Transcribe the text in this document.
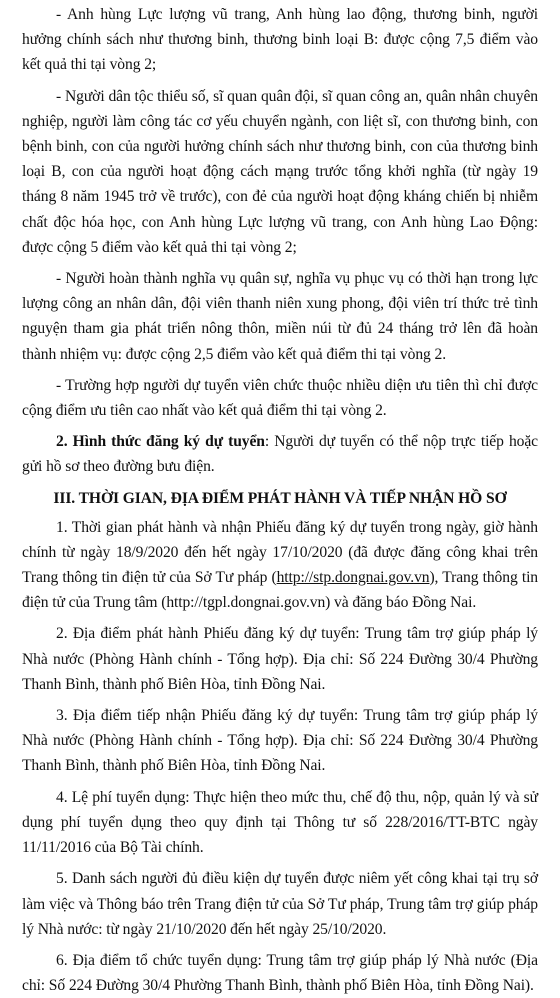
- Anh hùng Lực lượng vũ trang, Anh hùng lao động, thương binh, người hưởng chính sách như thương binh, thương binh loại B: được cộng 7,5 điểm vào kết quả thi tại vòng 2;

- Người dân tộc thiểu số, sĩ quan quân đội, sĩ quan công an, quân nhân chuyên nghiệp, người làm công tác cơ yếu chuyển ngành, con liệt sĩ, con thương binh, con bệnh binh, con của người hưởng chính sách như thương binh, con của thương binh loại B, con của người hoạt động cách mạng trước tổng khởi nghĩa (từ ngày 19 tháng 8 năm 1945 trở về trước), con đẻ của người hoạt động kháng chiến bị nhiễm chất độc hóa học, con Anh hùng Lực lượng vũ trang, con Anh hùng Lao Động: được cộng 5 điểm vào kết quả thi tại vòng 2;

- Người hoàn thành nghĩa vụ quân sự, nghĩa vụ phục vụ có thời hạn trong lực lượng công an nhân dân, đội viên thanh niên xung phong, đội viên trí thức trẻ tình nguyện tham gia phát triển nông thôn, miền núi từ đủ 24 tháng trở lên đã hoàn thành nhiệm vụ: được cộng 2,5 điểm vào kết quả điểm thi tại vòng 2.

- Trường hợp người dự tuyển viên chức thuộc nhiều diện ưu tiên thì chỉ được cộng điểm ưu tiên cao nhất vào kết quả điểm thi tại vòng 2.

2. Hình thức đăng ký dự tuyển: Người dự tuyển có thể nộp trực tiếp hoặc gửi hồ sơ theo đường bưu điện.

III. THỜI GIAN, ĐỊA ĐIỂM PHÁT HÀNH VÀ TIẾP NHẬN HỒ SƠ

1. Thời gian phát hành và nhận Phiếu đăng ký dự tuyển trong ngày, giờ hành chính từ ngày 18/9/2020 đến hết ngày 17/10/2020 (đã được đăng công khai trên Trang thông tin điện tử của Sở Tư pháp (http://stp.dongnai.gov.vn), Trang thông tin điện tử của Trung tâm (http://tgpl.dongnai.gov.vn) và đăng báo Đồng Nai.

2. Địa điểm phát hành Phiếu đăng ký dự tuyển: Trung tâm trợ giúp pháp lý Nhà nước (Phòng Hành chính - Tổng hợp). Địa chỉ: Số 224 Đường 30/4 Phường Thanh Bình, thành phố Biên Hòa, tỉnh Đồng Nai.

3. Địa điểm tiếp nhận Phiếu đăng ký dự tuyển: Trung tâm trợ giúp pháp lý Nhà nước (Phòng Hành chính - Tổng hợp). Địa chỉ: Số 224 Đường 30/4 Phường Thanh Bình, thành phố Biên Hòa, tỉnh Đồng Nai.

4. Lệ phí tuyển dụng: Thực hiện theo mức thu, chế độ thu, nộp, quản lý và sử dụng phí tuyển dụng theo quy định tại Thông tư số 228/2016/TT-BTC ngày 11/11/2016 của Bộ Tài chính.

5. Danh sách người đủ điều kiện dự tuyển được niêm yết công khai tại trụ sở làm việc và Thông báo trên Trang điện tử của Sở Tư pháp, Trung tâm trợ giúp pháp lý Nhà nước: từ ngày 21/10/2020 đến hết ngày 25/10/2020.

6. Địa điểm tổ chức tuyển dụng: Trung tâm trợ giúp pháp lý Nhà nước (Địa chỉ: Số 224 Đường 30/4 Phường Thanh Bình, thành phố Biên Hòa, tỉnh Đồng Nai).
